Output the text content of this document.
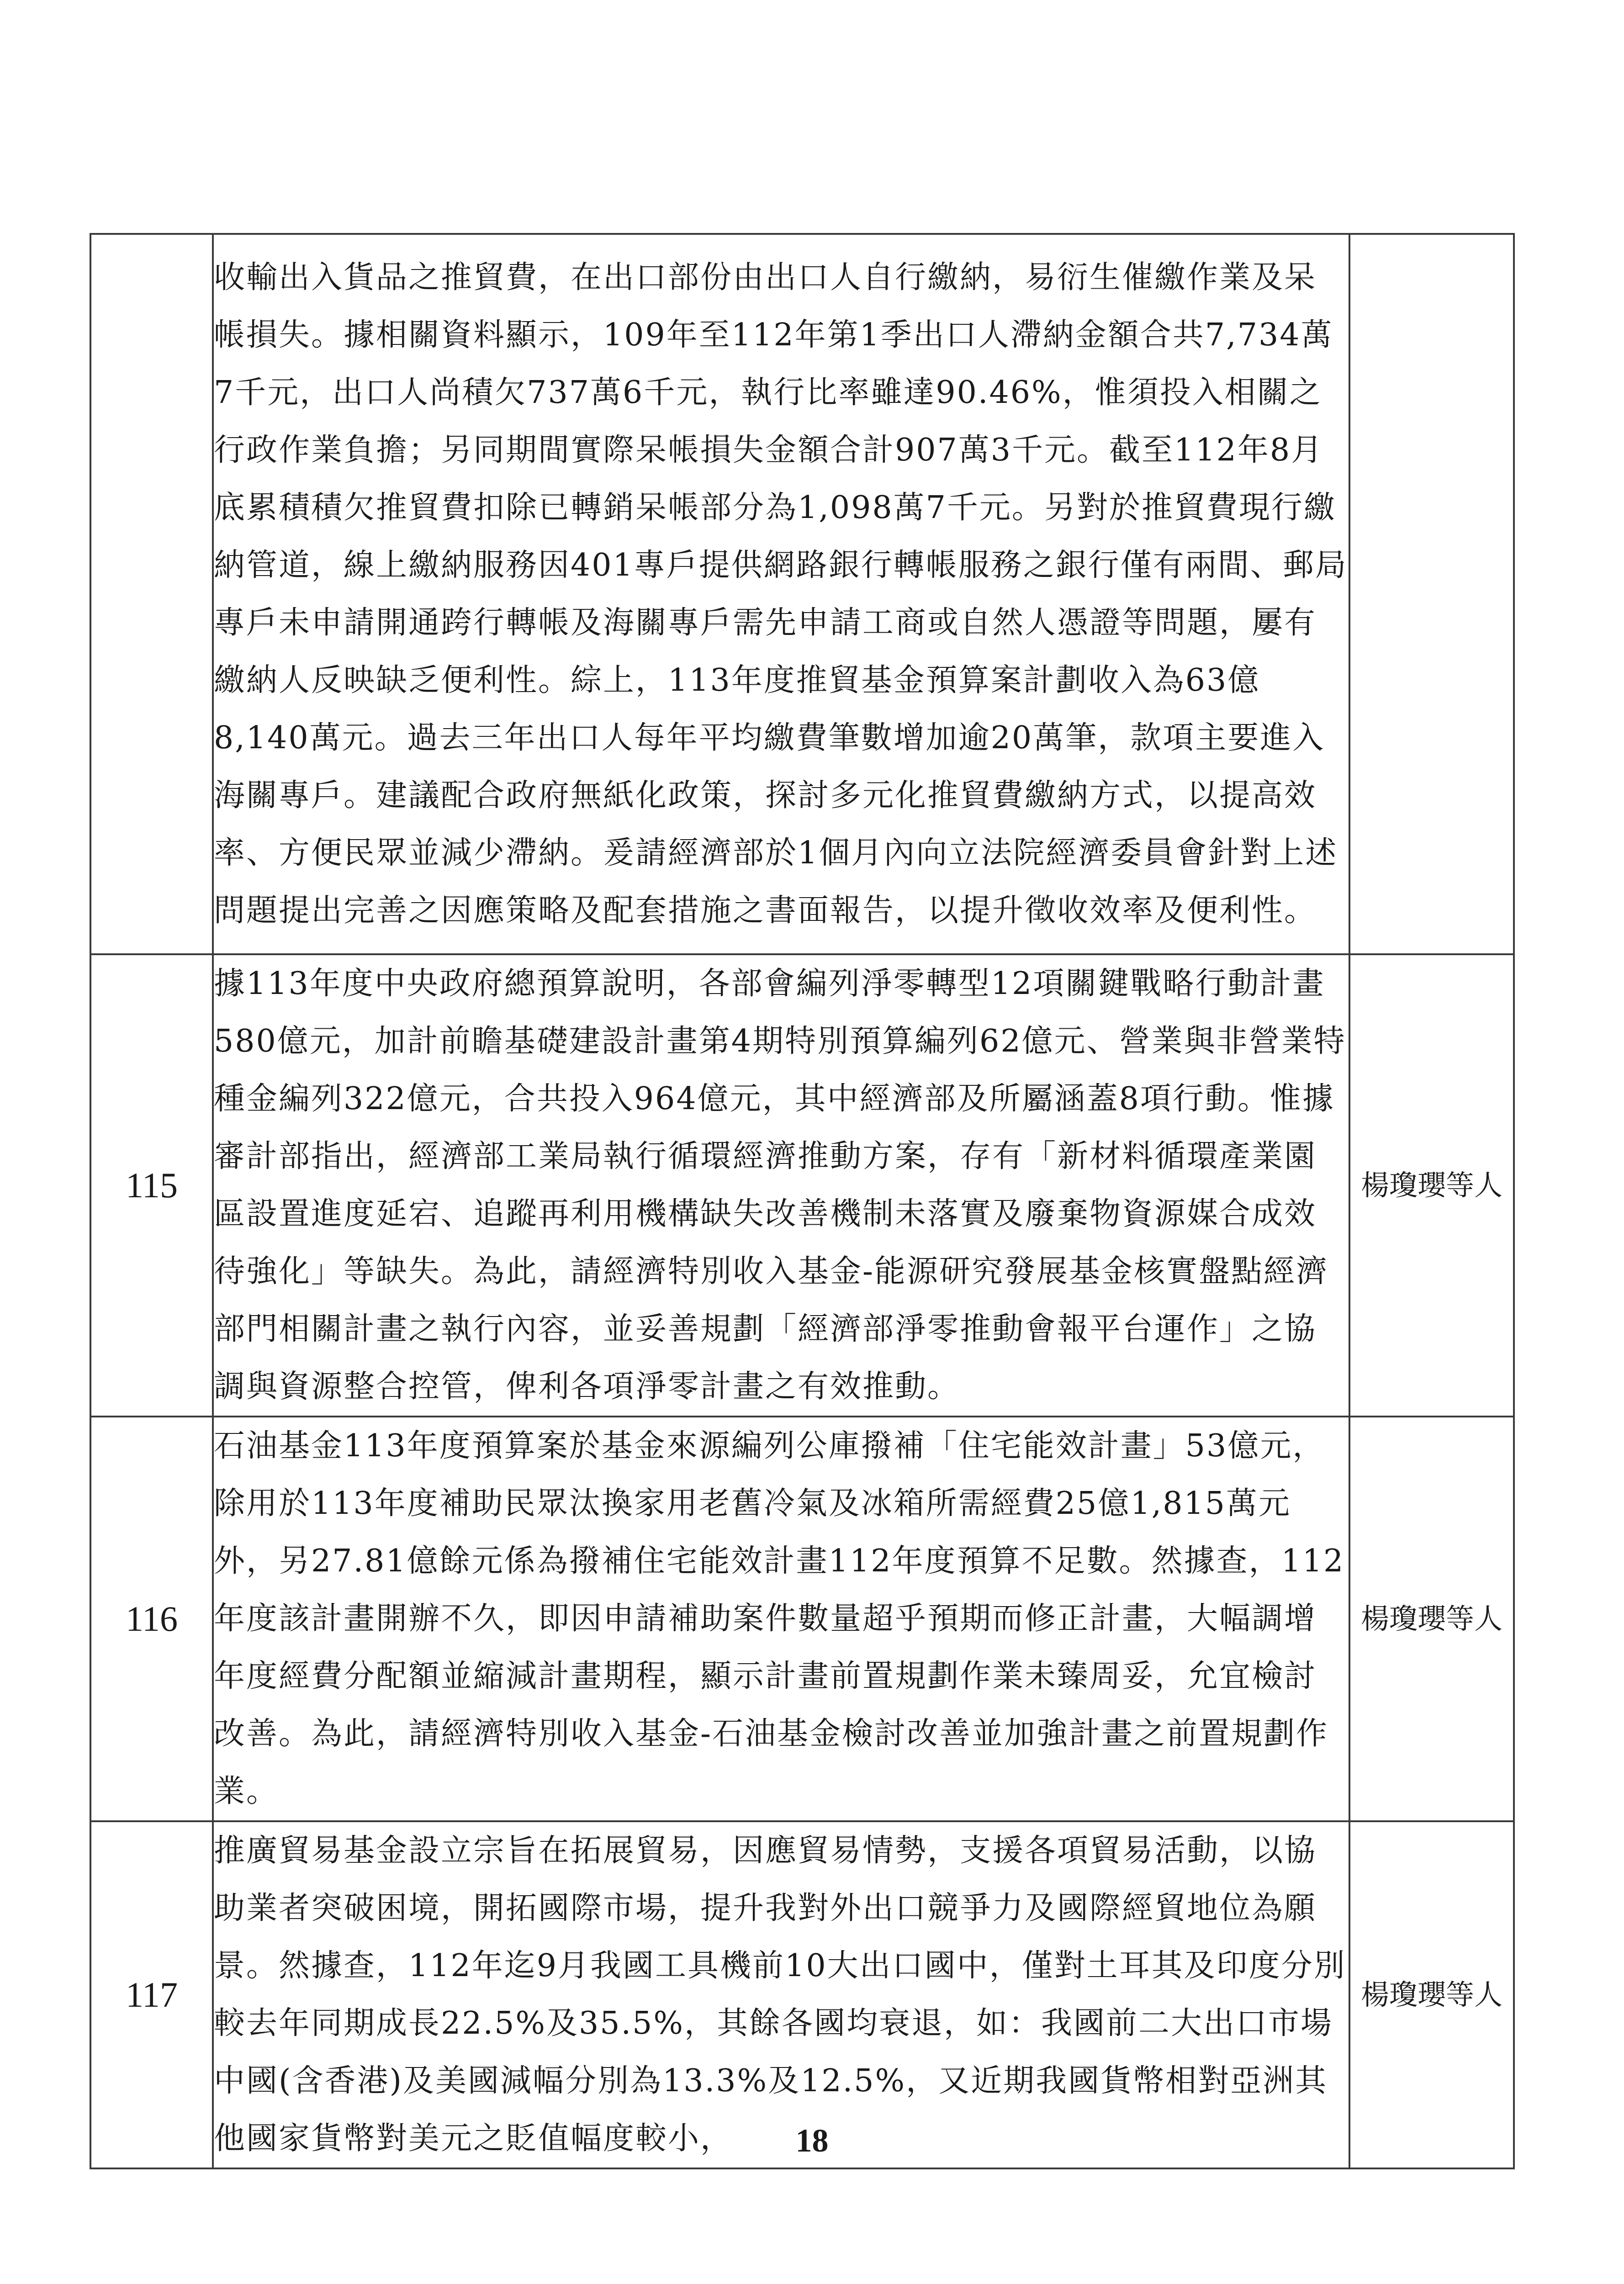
	收輸出入貨品之推貿費，在出口部份由出口人自行繳納，易衍生催繳作業及呆帳損失。據相關資料顯示，109年至112年第1季出口人滯納金額合共7,734萬7千元，出口人尚積欠737萬6千元，執行比率雖達90.46%，惟須投入相關之行政作業負擔；另同期間實際呆帳損失金額合計907萬3千元。截至112年8月底累積積欠推貿費扣除已轉銷呆帳部分為1,098萬7千元。另對於推貿費現行繳納管道，線上繳納服務因401專戶提供網路銀行轉帳服務之銀行僅有兩間、郵局專戶未申請開通跨行轉帳及海關專戶需先申請工商或自然人憑證等問題，屢有繳納人反映缺乏便利性。綜上，113年度推貿基金預算案計劃收入為63億8,140萬元。過去三年出口人每年平均繳費筆數增加逾20萬筆，款項主要進入海關專戶。建議配合政府無紙化政策，探討多元化推貿費繳納方式，以提高效率、方便民眾並減少滯納。爰請經濟部於1個月內向立法院經濟委員會針對上述問題提出完善之因應策略及配套措施之書面報告，以提升徵收效率及便利性。	
115	據113年度中央政府總預算說明，各部會編列淨零轉型12項關鍵戰略行動計畫580億元，加計前瞻基礎建設計畫第4期特別預算編列62億元、營業與非營業特種金編列322億元，合共投入964億元，其中經濟部及所屬涵蓋8項行動。惟據審計部指出，經濟部工業局執行循環經濟推動方案，存有「新材料循環產業園區設置進度延宕、追蹤再利用機構缺失改善機制未落實及廢棄物資源媒合成效待強化」等缺失。為此，請經濟特別收入基金-能源研究發展基金核實盤點經濟部門相關計畫之執行內容，並妥善規劃「經濟部淨零推動會報平台運作」之協調與資源整合控管，俾利各項淨零計畫之有效推動。	楊瓊瓔等人
116	石油基金113年度預算案於基金來源編列公庫撥補「住宅能效計畫」53億元，除用於113年度補助民眾汰換家用老舊冷氣及冰箱所需經費25億1,815萬元外，另27.81億餘元係為撥補住宅能效計畫112年度預算不足數。然據查，112年度該計畫開辦不久，即因申請補助案件數量超乎預期而修正計畫，大幅調增年度經費分配額並縮減計畫期程，顯示計畫前置規劃作業未臻周妥，允宜檢討改善。為此，請經濟特別收入基金-石油基金檢討改善並加強計畫之前置規劃作業。	楊瓊瓔等人
117	推廣貿易基金設立宗旨在拓展貿易，因應貿易情勢，支援各項貿易活動，以協助業者突破困境，開拓國際市場，提升我對外出口競爭力及國際經貿地位為願景。然據查，112年迄9月我國工具機前10大出口國中，僅對土耳其及印度分別較去年同期成長22.5%及35.5%，其餘各國均衰退，如：我國前二大出口市場中國(含香港)及美國減幅分別為13.3%及12.5%，又近期我國貨幣相對亞洲其他國家貨幣對美元之貶值幅度較小，	楊瓊瓔等人
18
